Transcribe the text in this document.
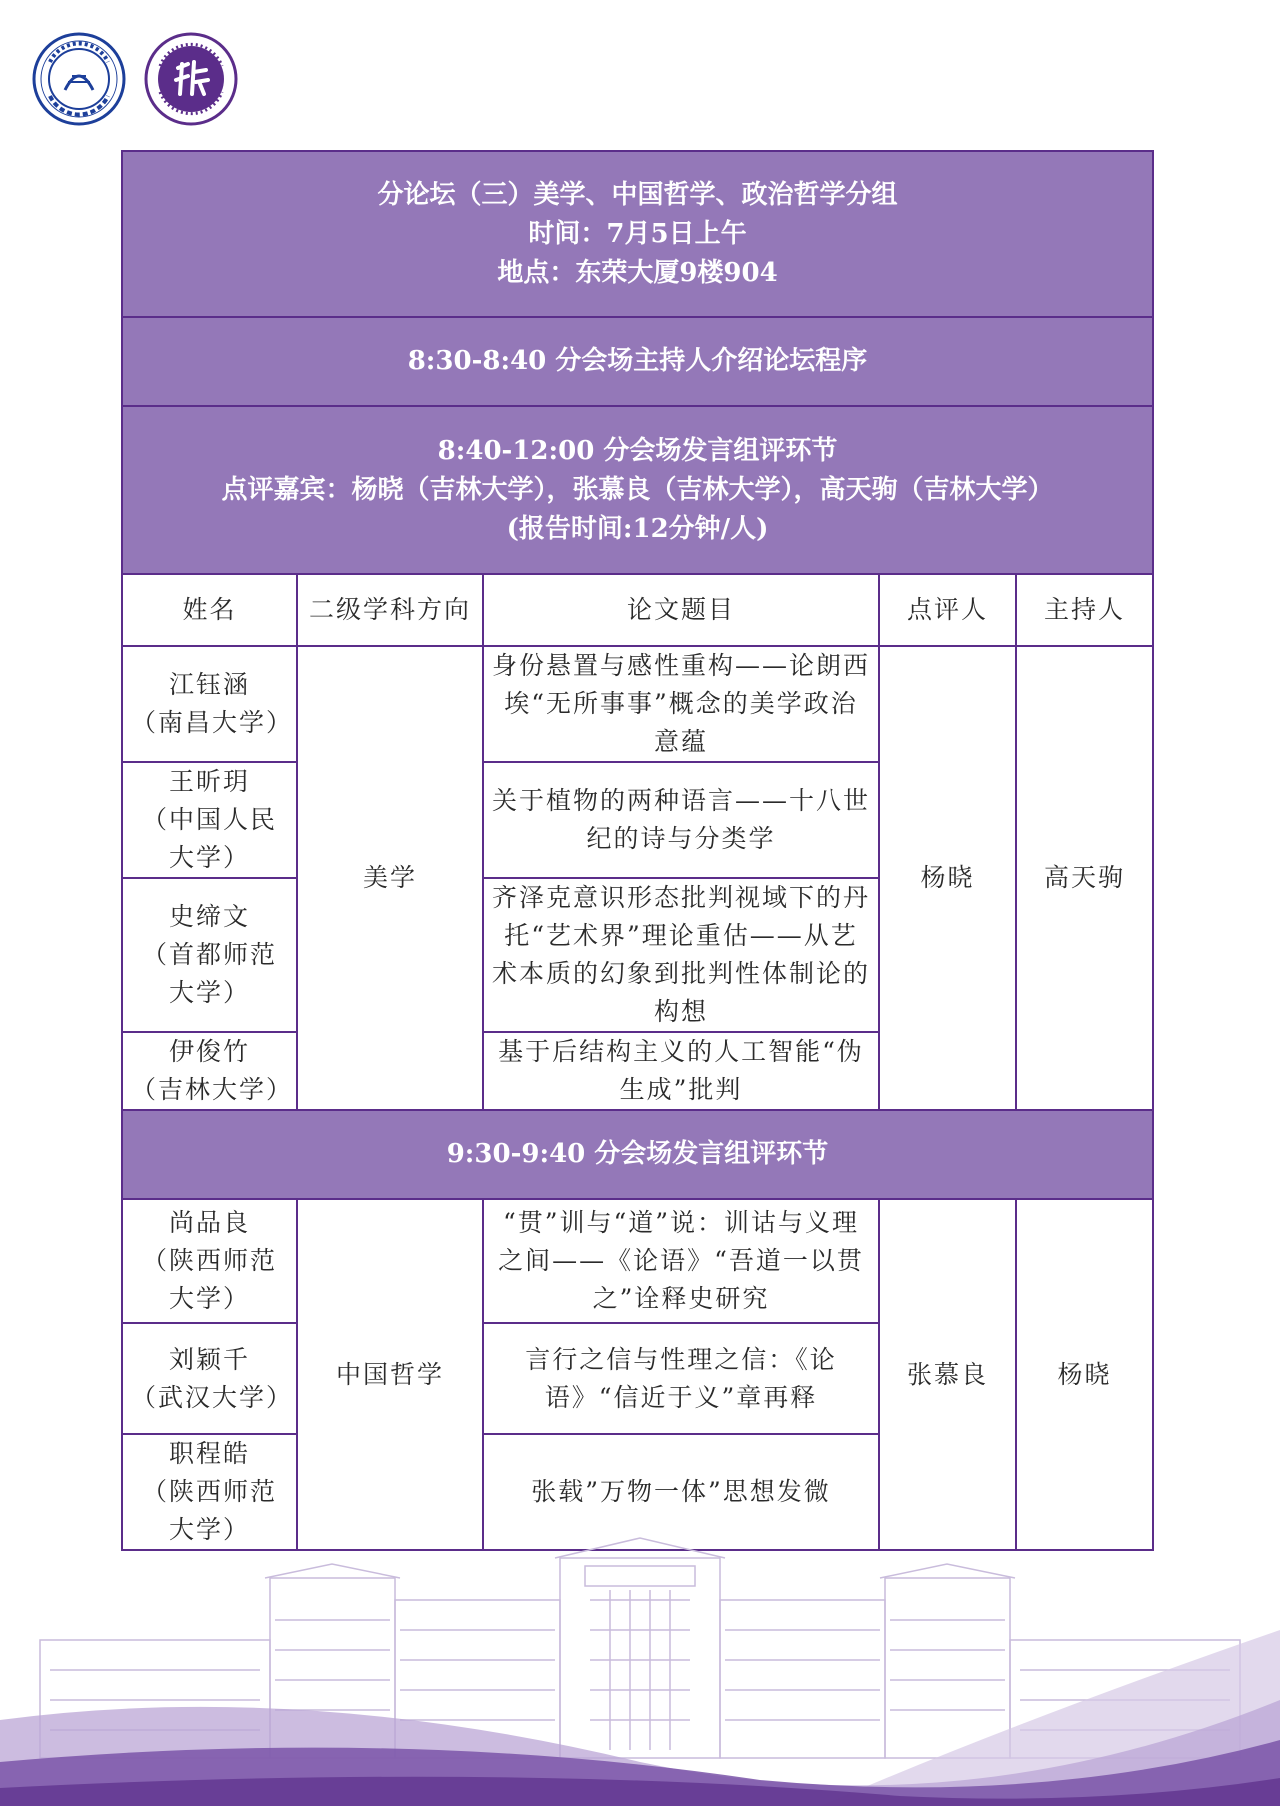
分论坛（三）美学、中国哲学、政治哲学分组
时间：7月5日上午
地点：东荣大厦9楼904				

8:30-8:40 分会场主持人介绍论坛程序				

8:40-12:00 分会场发言组评环节
点评嘉宾：杨晓（吉林大学），张慕良（吉林大学），高天驹（吉林大学）
(报告时间:12分钟/人)				

姓名	二级学科方向	论文题目	点评人	主持人

江钰涵
（南昌大学）	美学	身份悬置与感性重构——论朗西埃“无所事事”概念的美学政治意蕴	杨晓	高天驹

王昕玥
（中国人民大学）		关于植物的两种语言——十八世纪的诗与分类学		

史缔文
（首都师范大学）		齐泽克意识形态批判视域下的丹托“艺术界”理论重估——从艺术本质的幻象到批判性体制论的构想		

伊俊竹
（吉林大学）		基于后结构主义的人工智能“伪生成”批判		
9:30-9:40 分会场发言组评环节				

尚品良
（陕西师范大学）	中国哲学	“贯”训与“道”说：训诂与义理之间——《论语》“吾道一以贯之”诠释史研究	张慕良	杨晓

刘颖千
（武汉大学）		言行之信与性理之信：《论语》“信近于义”章再释		

职程皓
（陕西师范大学）		张载”万物一体”思想发微		
